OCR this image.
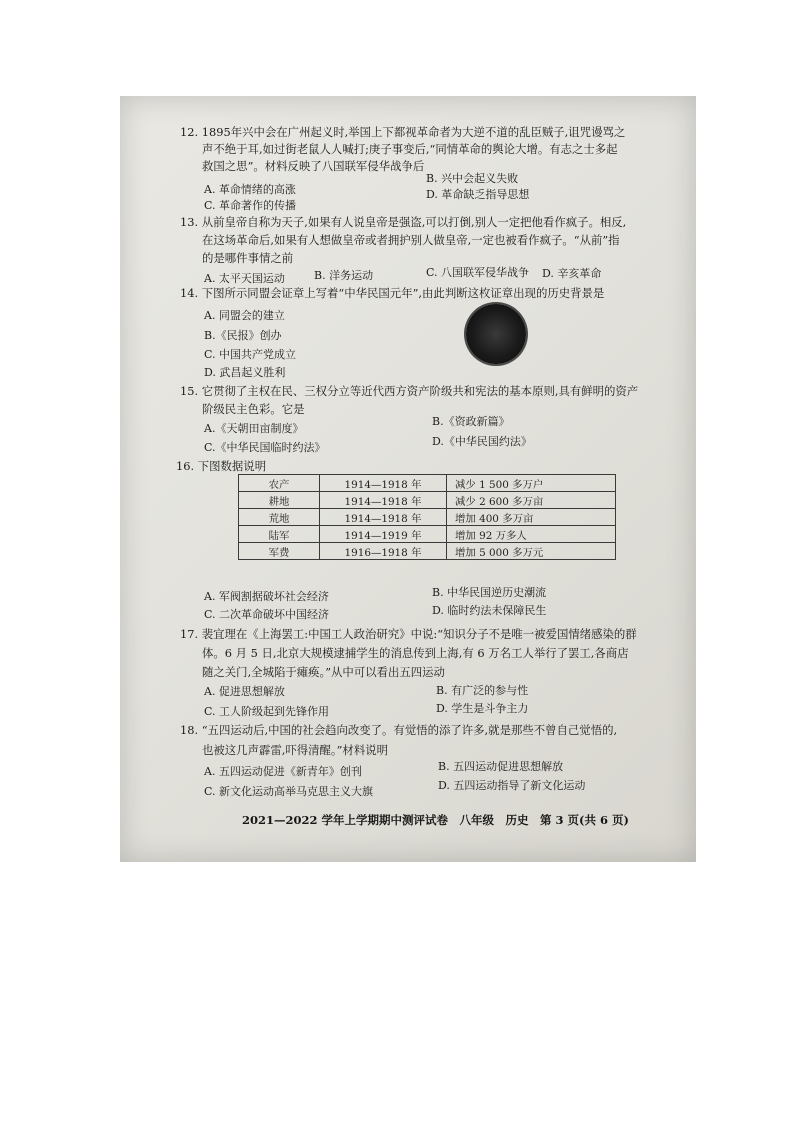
12. 1895年兴中会在广州起义时,举国上下都视革命者为大逆不道的乱臣贼子,诅咒谩骂之
声不绝于耳,如过街老鼠人人喊打;庚子事变后,“同情革命的舆论大增。有志之士多起
救国之思”。材料反映了八国联军侵华战争后
A. 革命情绪的高涨
B. 兴中会起义失败
C. 革命著作的传播
D. 革命缺乏指导思想
13. 从前皇帝自称为天子,如果有人说皇帝是强盗,可以打倒,别人一定把他看作疯子。相反,
在这场革命后,如果有人想做皇帝或者拥护别人做皇帝,一定也被看作疯子。“从前”指
的是哪件事情之前
A. 太平天国运动	B. 洋务运动	C. 八国联军侵华战争 D. 辛亥革命
14. 下图所示同盟会证章上写着“中华民国元年”,由此判断这枚证章出现的历史背景是
A. 同盟会的建立
B.《民报》创办
C. 中国共产党成立
D. 武昌起义胜利
15. 它贯彻了主权在民、三权分立等近代西方资产阶级共和宪法的基本原则,具有鲜明的资产
阶级民主色彩。它是
A.《天朝田亩制度》
B.《资政新篇》
C.《中华民国临时约法》	D.《中华民国约法》
16. 下图数据说明
农产	1914—1918 年	减少 1 500 多万户
耕地	1914—1918 年	减少 2 600 多万亩
荒地	1914—1918 年	增加 400 多万亩
陆军	1914—1919 年	增加 92 万多人
军费	1916—1918 年	增加 5 000 多万元
A. 军阀割据破坏社会经济	B. 中华民国逆历史潮流
C. 二次革命破坏中国经济	D. 临时约法未保障民生
17. 裴宜理在《上海罢工:中国工人政治研究》中说:“知识分子不是唯一被爱国情绪感染的群
体。6 月 5 日,北京大规模逮捕学生的消息传到上海,有 6 万名工人举行了罢工,各商店
随之关门,全城陷于瘫痪。”从中可以看出五四运动
A. 促进思想解放	B. 有广泛的参与性
C. 工人阶级起到先锋作用	D. 学生是斗争主力
18. “五四运动后,中国的社会趋向改变了。有觉悟的添了许多,就是那些不曾自己觉悟的,
也被这几声霹雷,吓得清醒。”材料说明
A. 五四运动促进《新青年》创刊	B. 五四运动促进思想解放
C. 新文化运动高举马克思主义大旗	D. 五四运动指导了新文化运动
2021—2022 学年上学期期中测评试卷　八年级　历史　第 3 页(共 6 页)
